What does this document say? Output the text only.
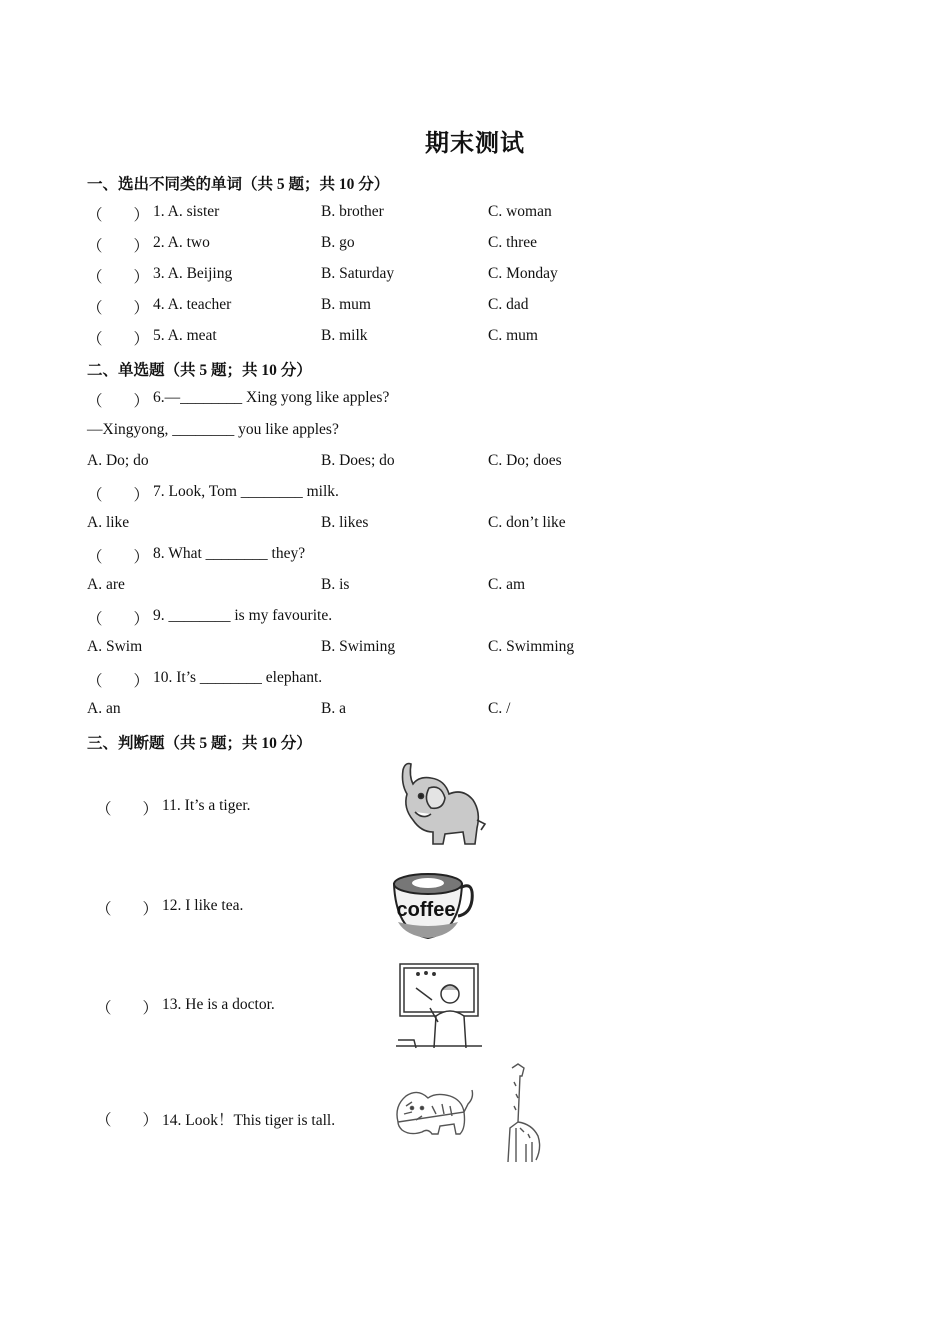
期末测试
一、选出不同类的单词（共 5 题；共 10 分）
（　　） 1. A. sister	B. brother	C. woman
（　　） 2. A. two	B. go	C. three
（　　） 3. A. Beijing	B. Saturday	C. Monday
（　　） 4. A. teacher	B. mum	C. dad
（　　） 5. A. meat	B. milk	C. mum
二、单选题（共 5 题；共 10 分）
（　　） 6.—________ Xing yong like apples?
—Xingyong, ________ you like apples?
A. Do; do	B. Does; do	C. Do; does
（　　） 7. Look, Tom ________ milk.
A. like	B. likes	C. don’t like
（　　） 8. What ________ they?
A. are	B. is	C. am
（　　） 9. ________ is my favourite.
A. Swim	B. Swiming	C. Swimming
（　　） 10. It’s ________ elephant.
A. an	B. a	C. /
三、判断题（共 5 题；共 10 分）
（　　） 11. It’s a tiger.
（　　） 12. I like tea.
（　　） 13. He is a doctor.
（　　） 14. Look！This tiger is tall.
coffee
